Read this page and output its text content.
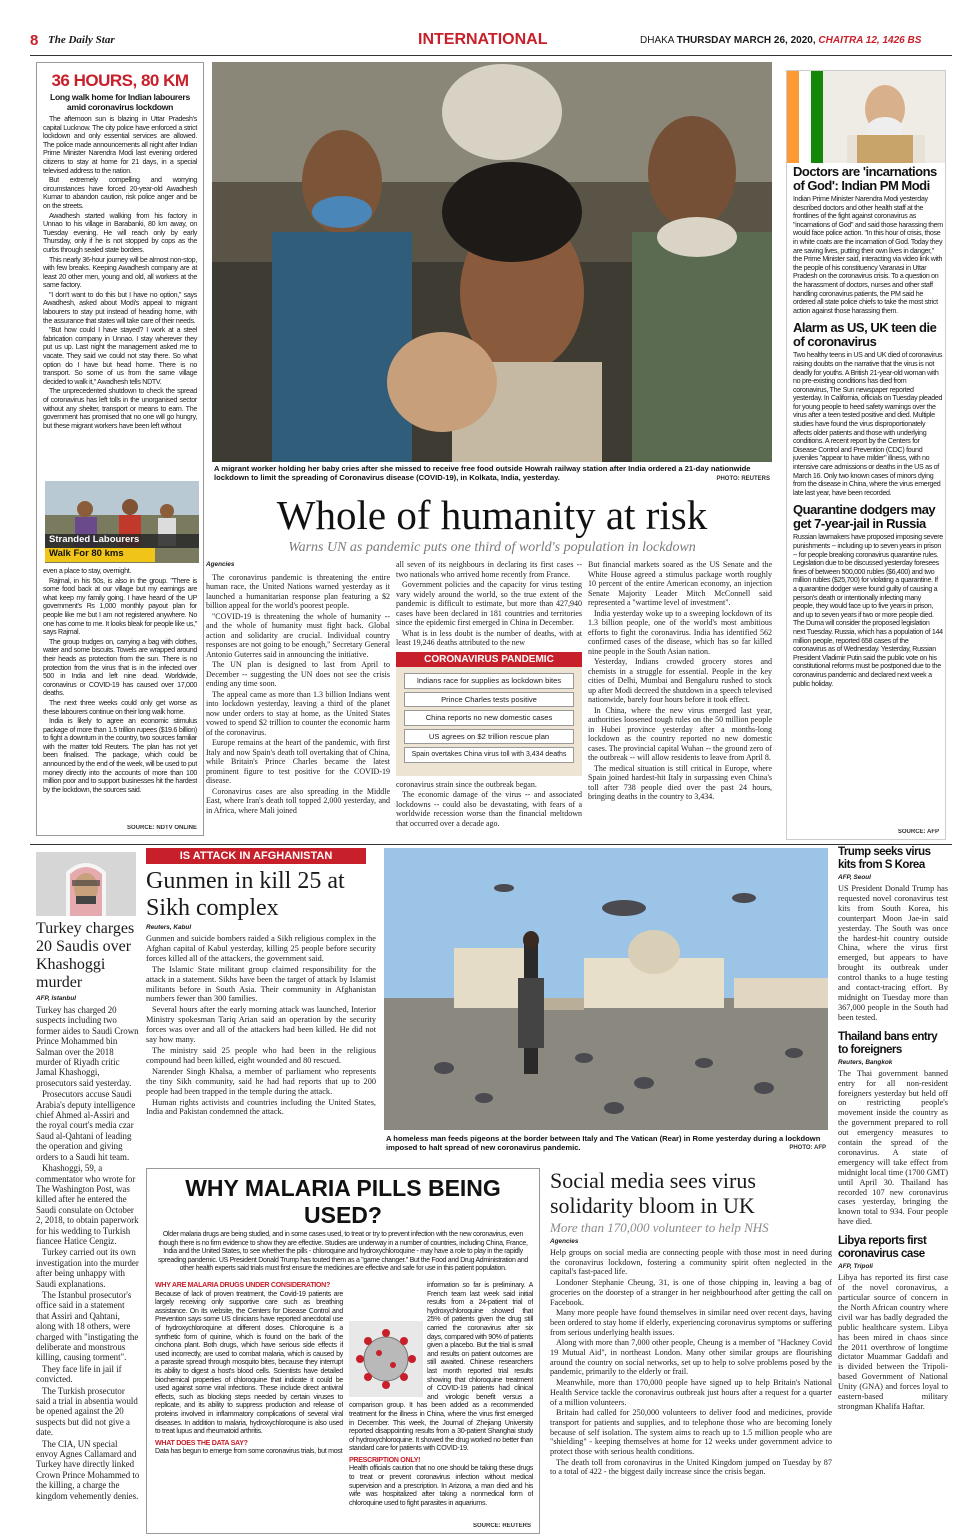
8 The Daily Star	INTERNATIONAL	DHAKA THURSDAY MARCH 26, 2020, CHAITRA 12, 1426 BS
36 HOURS, 80 KM
Long walk home for Indian labourers amid coronavirus lockdown

The afternoon sun is blazing in Uttar Pradesh's capital Lucknow. The city police have enforced a strict lockdown and only essential services are allowed. The police made announcements all night after Indian Prime Minister Narendra Modi last evening ordered citizens to stay at home for 21 days, in a special televised address to the nation.

But extremely compelling and worrying circumstances have forced 20-year-old Awadhesh Kumar to abandon caution, risk police anger and be on the streets.

Awadhesh started walking from his factory in Unnao to his village in Barabanki, 80 km away, on Tuesday evening. He will reach only by early Thursday, only if he is not stopped by cops as the curbs through sealed state borders.

This nearly 36-hour journey will be almost non-stop, with few breaks. Keeping Awadhesh company are at least 20 other men, young and old, all workers at the same factory.

"I don't want to do this but I have no option," says Awadhesh, asked about Modi's appeal to migrant labourers to stay put instead of heading home, with the assurance that states will take care of their needs.

"But how could I have stayed? I work at a steel fabrication company in Unnao. I stay wherever they put us up. Last night the management asked me to vacate. They said we could not stay there. So what option do I have but head home. There is no transport. So some of us from the same village decided to walk it," Awadhesh tells NDTV.

The unprecedented shutdown to check the spread of coronavirus has left tolls in the unorganised sector without any shelter, transport or means to earn. The government has promised that no one will go hungry, but these migrant workers have been left without

Stranded Labourers
Walk For 80 kms

even a place to stay, overnight.

Rajmal, in his 50s, is also in the group. "There is some food back at our village but my earnings are what keep my family going. I have heard of the UP government's Rs 1,000 monthly payout plan for people like me but I am not registered anywhere. No one has come to me. It looks bleak for people like us," says Rajmal.

The group trudges on, carrying a bag with clothes, water and some biscuits. Towels are wrapped around their heads as protection from the sun. There is no protection from the virus that is in the infected over 500 in India and left nine dead. Worldwide, coronavirus or COVID-19 has caused over 17,000 deaths.

The next three weeks could only get worse as these labourers continue on their long walk home.

India is likely to agree an economic stimulus package of more than 1.5 trillion rupees ($19.6 billion) to fight a downturn in the country, two sources familiar with the matter told Reuters. The plan has not yet been finalised. The package, which could be announced by the end of the week, will be used to put money directly into the accounts of more than 100 million poor and to support businesses hit the hardest by the lockdown, the sources said.

SOURCE: NDTV ONLINE
A migrant worker holding her baby cries after she missed to receive free food outside Howrah railway station after India ordered a 21-day nationwide lockdown to limit the spreading of Coronavirus disease (COVID-19), in Kolkata, India, yesterday.	PHOTO: REUTERS
Whole of humanity at risk
Warns UN as pandemic puts one third of world's population in lockdown
Agencies

The coronavirus pandemic is threatening the entire human race, the United Nations warned yesterday as it launched a humanitarian response plan featuring a $2 billion appeal for the world's poorest people.

"COVID-19 is threatening the whole of humanity -- and the whole of humanity must fight back. Global action and solidarity are crucial. Individual country responses are not going to be enough," Secretary General Antonio Guterres said in announcing the initiative.

The UN plan is designed to last from April to December -- suggesting the UN does not see the crisis ending any time soon.

The appeal came as more than 1.3 billion Indians went into lockdown yesterday, leaving a third of the planet now under orders to stay at home, as the United States vowed to spend $2 trillion to counter the economic harm of the coronavirus.

Europe remains at the heart of the pandemic, with first Italy and now Spain's death toll overtaking that of China, while Britain's Prince Charles became the latest prominent figure to test positive for the COVID-19 disease.

Coronavirus cases are also spreading in the Middle East, where Iran's death toll topped 2,000 yesterday, and in Africa, where Mali joined

all seven of its neighbours in declaring its first cases -- two nationals who arrived home recently from France.

Government policies and the capacity for virus testing vary widely around the world, so the true extent of the pandemic is difficult to estimate, but more than 427,940 cases have been declared in 181 countries and territories since the epidemic first emerged in China in December.

What is in less doubt is the number of deaths, with at least 19,246 deaths attributed to the new

CORONAVIRUS PANDEMIC
Indians race for supplies as lockdown bites
Prince Charles tests positive
China reports no new domestic cases
US agrees on $2 trillion rescue plan
Spain overtakes China virus toll with 3,434 deaths

coronavirus strain since the outbreak began.

The economic damage of the virus -- and associated lockdowns -- could also be devastating, with fears of a worldwide recession worse than the financial meltdown that occurred over a decade ago.

But financial markets soared as the US Senate and the White House agreed a stimulus package worth roughly 10 percent of the entire American economy, an injection Senate Majority Leader Mitch McConnell said represented a "wartime level of investment".

India yesterday woke up to a sweeping lockdown of its 1.3 billion people, one of the world's most ambitious efforts to fight the coronavirus. India has identified 562 confirmed cases of the disease, which has so far killed nine people in the South Asian nation.

Yesterday, Indians crowded grocery stores and chemists in a struggle for essential. People in the key cities of Delhi, Mumbai and Bengaluru rushed to stock up after Modi decreed the shutdown in a speech televised nationwide, barely four hours before it took effect.

In China, where the new virus emerged last year, authorities loosened tough rules on the 50 million people in Hubei province yesterday after a months-long lockdown as the country reported no new domestic cases. The provincial capital Wuhan -- the ground zero of the outbreak -- will allow residents to leave from April 8.

The medical situation is still critical in Europe, where Spain joined hardest-hit Italy in surpassing even China's toll after 738 people died over the past 24 hours, bringing deaths in the country to 3,434.

Doctors are 'incarnations of God': Indian PM Modi
Indian Prime Minister Narendra Modi yesterday described doctors and other health staff at the frontlines of the fight against coronavirus as "incarnations of God" and said those harassing them would face police action. "In this hour of crisis, those in white coats are the incarnation of God. Today they are saving lives, putting their own lives in danger," the Prime Minister said, interacting via video link with the people of his constituency Varanasi in Uttar Pradesh on the coronavirus crisis. To a question on the harassment of doctors, nurses and other staff handling coronavirus patients, the PM said he ordered all state police chiefs to take the most strict action against those harassing them.
Alarm as US, UK teen die of coronavirus
Two healthy teens in US and UK died of coronavirus raising doubts on the narrative that the virus is not deadly for youths. A British 21-year-old woman with no pre-existing conditions has died from coronavirus, The Sun newspaper reported yesterday. In California, officials on Tuesday pleaded for young people to heed safety warnings over the virus after a teen tested positive and died. Multiple studies have found the virus disproportionately affects older patients and those with underlying conditions. A recent report by the Centers for Disease Control and Prevention (CDC) found juveniles "appear to have milder" illness, with no intensive care admissions or deaths in the US as of March 16. Only two known cases of minors dying from the disease in China, where the virus emerged late last year, have been recorded.
Quarantine dodgers may get 7-year-jail in Russia
Russian lawmakers have proposed imposing severe punishments -- including up to seven years in prison -- for people breaking coronavirus quarantine rules. Legislation due to be discussed yesterday foresees fines of between 500,000 rubles ($6,400) and two million rubles ($25,700) for violating a quarantine. If a quarantine dodger were found guilty of causing a person's death or intentionally infecting many people, they would face up to five years in prison, and up to seven years if two or more people died. The Duma will consider the proposed legislation next Tuesday. Russia, which has a population of 144 million people, reported 658 cases of the coronavirus as of Wednesday. Yesterday, Russian President Vladimir Putin said the public vote on his constitutional reforms must be postponed due to the coronavirus pandemic and declared next week a public holiday.
SOURCE: AFP
Turkey charges 20 Saudis over Khashoggi murder
AFP, Istanbul

Turkey has charged 20 suspects including two former aides to Saudi Crown Prince Mohammed bin Salman over the 2018 murder of Riyadh critic Jamal Khashoggi, prosecutors said yesterday.

Prosecutors accuse Saudi Arabia's deputy intelligence chief Ahmed al-Assiri and the royal court's media czar Saud al-Qahtani of leading the operation and giving orders to a Saudi hit team.

Khashoggi, 59, a commentator who wrote for The Washington Post, was killed after he entered the Saudi consulate on October 2, 2018, to obtain paperwork for his wedding to Turkish fiancee Hatice Cengiz.

Turkey carried out its own investigation into the murder after being unhappy with Saudi explanations.

The Istanbul prosecutor's office said in a statement that Assiri and Qahtani, along with 18 others, were charged with "instigating the deliberate and monstrous killing, causing torment".

They face life in jail if convicted.

The Turkish prosecutor said a trial in absentia would be opened against the 20 suspects but did not give a date.

The CIA, UN special envoy Agnes Callamard and Turkey have directly linked Crown Prince Mohammed to the killing, a charge the kingdom vehemently denies.

IS ATTACK IN AFGHANISTAN
Gunmen in kill 25 at Sikh complex
Reuters, Kabul

Gunmen and suicide bombers raided a Sikh religious complex in the Afghan capital of Kabul yesterday, killing 25 people before security forces killed all of the attackers, the government said.

The Islamic State militant group claimed responsibility for the attack in a statement. Sikhs have been the target of attack by Islamist militants before in South Asia. Their community in Afghanistan numbers fewer than 300 families.

Several hours after the early morning attack was launched, Interior Ministry spokesman Tariq Arian said an operation by the security forces was over and all of the attackers had been killed. He did not say how many.

The ministry said 25 people who had been in the religious compound had been killed, eight wounded and 80 rescued.

Narender Singh Khalsa, a member of parliament who represents the tiny Sikh community, said he had had reports that up to 200 people had been trapped in the temple during the attack.

Human rights activists and countries including the United States, India and Pakistan condemned the attack.

A homeless man feeds pigeons at the border between Italy and The Vatican (Rear) in Rome yesterday during a lockdown imposed to halt spread of new coronavirus pandemic.	PHOTO: AFP
Trump seeks virus kits from S Korea
AFP, Seoul
US President Donald Trump has requested novel coronavirus test kits from South Korea, his counterpart Moon Jae-in said yesterday. The South was once the hardest-hit country outside China, where the virus first emerged, but appears to have brought its outbreak under control thanks to a huge testing and contact-tracing effort. By midnight on Tuesday more than 367,000 people in the South had been tested.
Thailand bans entry to foreigners
Reuters, Bangkok
The Thai government banned entry for all non-resident foreigners yesterday but held off on restricting people's movement inside the country as the government prepared to roll out emergency measures to contain the spread of the coronavirus. A state of emergency will take effect from midnight local time (1700 GMT) until April 30. Thailand has recorded 107 new coronavirus cases yesterday, bringing the known total to 934. Four people have died.
Libya reports first coronavirus case
AFP, Tripoli
Libya has reported its first case of the novel coronavirus, a particular source of concern in the North African country where civil war has badly degraded the public healthcare system. Libya has been mired in chaos since the 2011 overthrow of longtime dictator Muammar Gaddafi and is divided between the Tripoli-based Government of National Unity (GNA) and forces loyal to eastern-based military strongman Khalifa Haftar.
WHY MALARIA PILLS BEING USED?
Older malaria drugs are being studied, and in some cases used, to treat or try to prevent infection with the new coronavirus, even though there is no firm evidence to show they are effective. Studies are underway in a number of countries, including China, France, India and the United States, to see whether the pills - chloroquine and hydroxychloroquine - may have a role to play in the rapidly spreading pandemic. US President Donald Trump has touted them as a "game changer." But the Food and Drug Administration and other health experts said trials must first ensure the medicines are effective and safe for use in this patient population.
WHY ARE MALARIA DRUGS UNDER CONSIDERATION?

Because of lack of proven treatment, the Covid-19 patients are largely receiving only supportive care such as breathing assistance. On its website, the Centers for Disease Control and Prevention says some US clinicians have reported anecdotal use of hydroxychloroquine at different doses. Chloroquine is a synthetic form of quinine, which is found on the bark of the cinchona plant. Both drugs, which have serious side effects if used incorrectly, are used to combat malaria, which is caused by a parasite spread through mosquito bites, because they interrupt its ability to digest a host's blood cells. Scientists have detailed biochemical properties of chloroquine that indicate it could be used against some viral infections. These include direct antiviral effects, such as blocking steps needed by certain viruses to replicate, and its ability to suppress production and release of proteins involved in inflammatory complications of several viral diseases. In addition to malaria, hydroxychloroquine is also used to treat lupus and rheumatoid arthritis.

WHAT DOES THE DATA SAY?

Data has begun to emerge from some coronavirus trials, but most

information so far is preliminary. A French team last week said initial results from a 24-patient trial of hydroxychloroquine showed that 25% of patients given the drug still carried the coronavirus after six days, compared with 90% of patients given a placebo. But the trial is small and results on patient outcomes are still awaited. Chinese researchers last month reported trial results showing that chloroquine treatment of COVID-19 patients had clinical and virologic benefit versus a comparison group. It has been added as a recommended treatment for the illness in China, where the virus first emerged in December. This week, the Journal of Zhejiang University reported disappointing results from a 30-patient Shanghai study of hydroxychloroquine. It showed the drug worked no better than standard care for patients with COVID-19.

PRESCRIPTION ONLY!

Health officials caution that no one should be taking these drugs to treat or prevent coronavirus infection without medical supervision and a prescription. In Arizona, a man died and his wife was hospitalized after taking a nonmedical form of chloroquine used to fight parasites in aquariums.

SOURCE: REUTERS
Social media sees virus solidarity bloom in UK
More than 170,000 volunteer to help NHS
Agencies

Help groups on social media are connecting people with those most in need during the coronavirus lockdown, fostering a community spirit often neglected in the capital's fast-paced life.

Londoner Stephanie Cheung, 31, is one of those chipping in, leaving a bag of groceries on the doorstep of a stranger in her neighbourhood after getting the call on Facebook.

Many more people have found themselves in similar need over recent days, having been ordered to stay home if elderly, experiencing coronavirus symptoms or suffering from serious underlying health issues.

Along with more than 7,000 other people, Cheung is a member of "Hackney Covid 19 Mutual Aid", in northeast London. Many other similar groups are flourishing around the country on social networks, set up to help to solve problems posed by the pandemic, primarily to the elderly or frail.

Meanwhile, more than 170,000 people have signed up to help Britain's National Health Service tackle the coronavirus outbreak just hours after a request for a quarter of a million volunteers.

Britain had called for 250,000 volunteers to deliver food and medicines, provide transport for patients and supplies, and to telephone those who are becoming lonely because of self isolation. The system aims to reach up to 1.5 million people who are "shielding" - keeping themselves at home for 12 weeks under government advice to protect those with serious health conditions.

The death toll from coronavirus in the United Kingdom jumped on Tuesday by 87 to a total of 422 - the biggest daily increase since the crisis began.
